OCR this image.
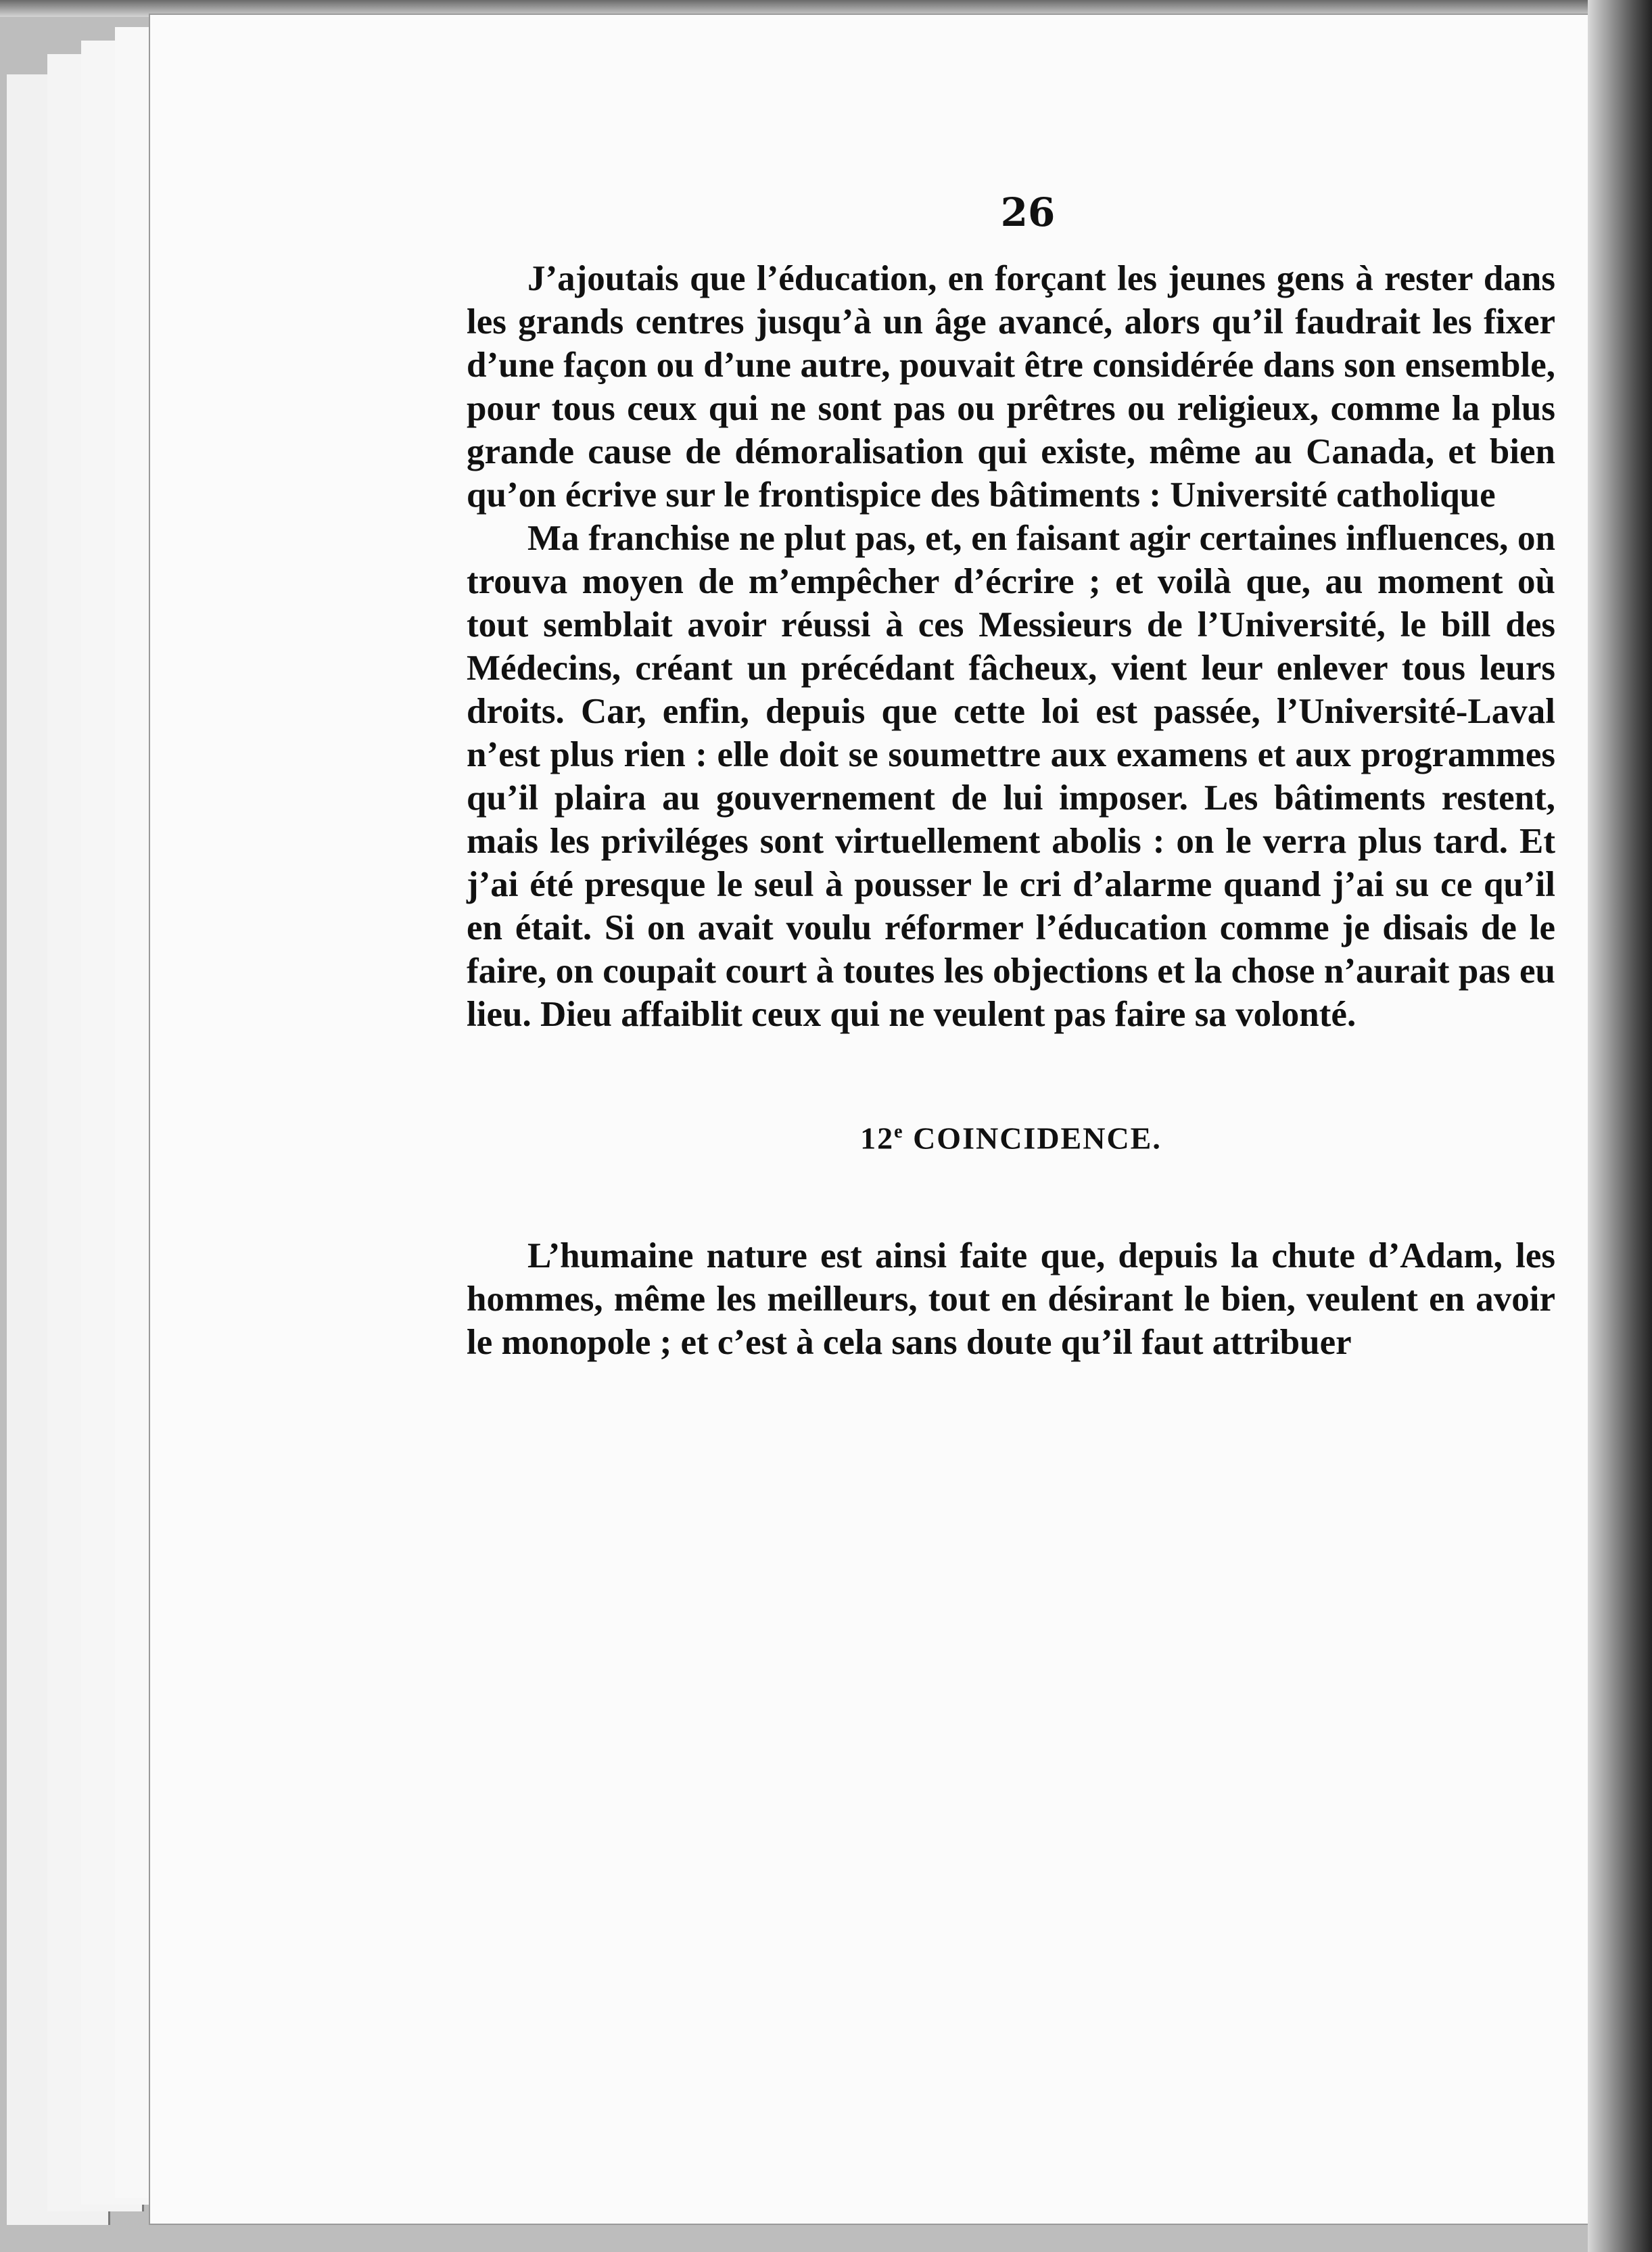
26

J’ajoutais que l’éducation, en forçant les jeunes gens à rester dans les grands centres jusqu’à un âge avancé, alors qu’il faudrait les fixer d’une façon ou d’une autre, pouvait être considérée dans son ensemble, pour tous ceux qui ne sont pas ou prêtres ou religieux, comme la plus grande cause de démoralisation qui existe, même au Canada, et bien qu’on écrive sur le frontispice des bâtiments : Université catholique

Ma franchise ne plut pas, et, en faisant agir certaines influences, on trouva moyen de m’empêcher d’écrire ; et voilà que, au moment où tout semblait avoir réussi à ces Messieurs de l’Université, le bill des Médecins, créant un précédant fâcheux, vient leur enlever tous leurs droits. Car, enfin, depuis que cette loi est passée, l’Université-Laval n’est plus rien : elle doit se soumettre aux examens et aux programmes qu’il plaira au gouvernement de lui imposer. Les bâtiments restent, mais les priviléges sont virtuellement abolis : on le verra plus tard. Et j’ai été presque le seul à pousser le cri d’alarme quand j’ai su ce qu’il en était. Si on avait voulu réformer l’éducation comme je disais de le faire, on coupait court à toutes les objections et la chose n’aurait pas eu lieu. Dieu affaiblit ceux qui ne veulent pas faire sa volonté.

12e COINCIDENCE.

L’humaine nature est ainsi faite que, depuis la chute d’Adam, les hommes, même les meilleurs, tout en désirant le bien, veulent en avoir le monopole ; et c’est à cela sans doute qu’il faut attribuer
